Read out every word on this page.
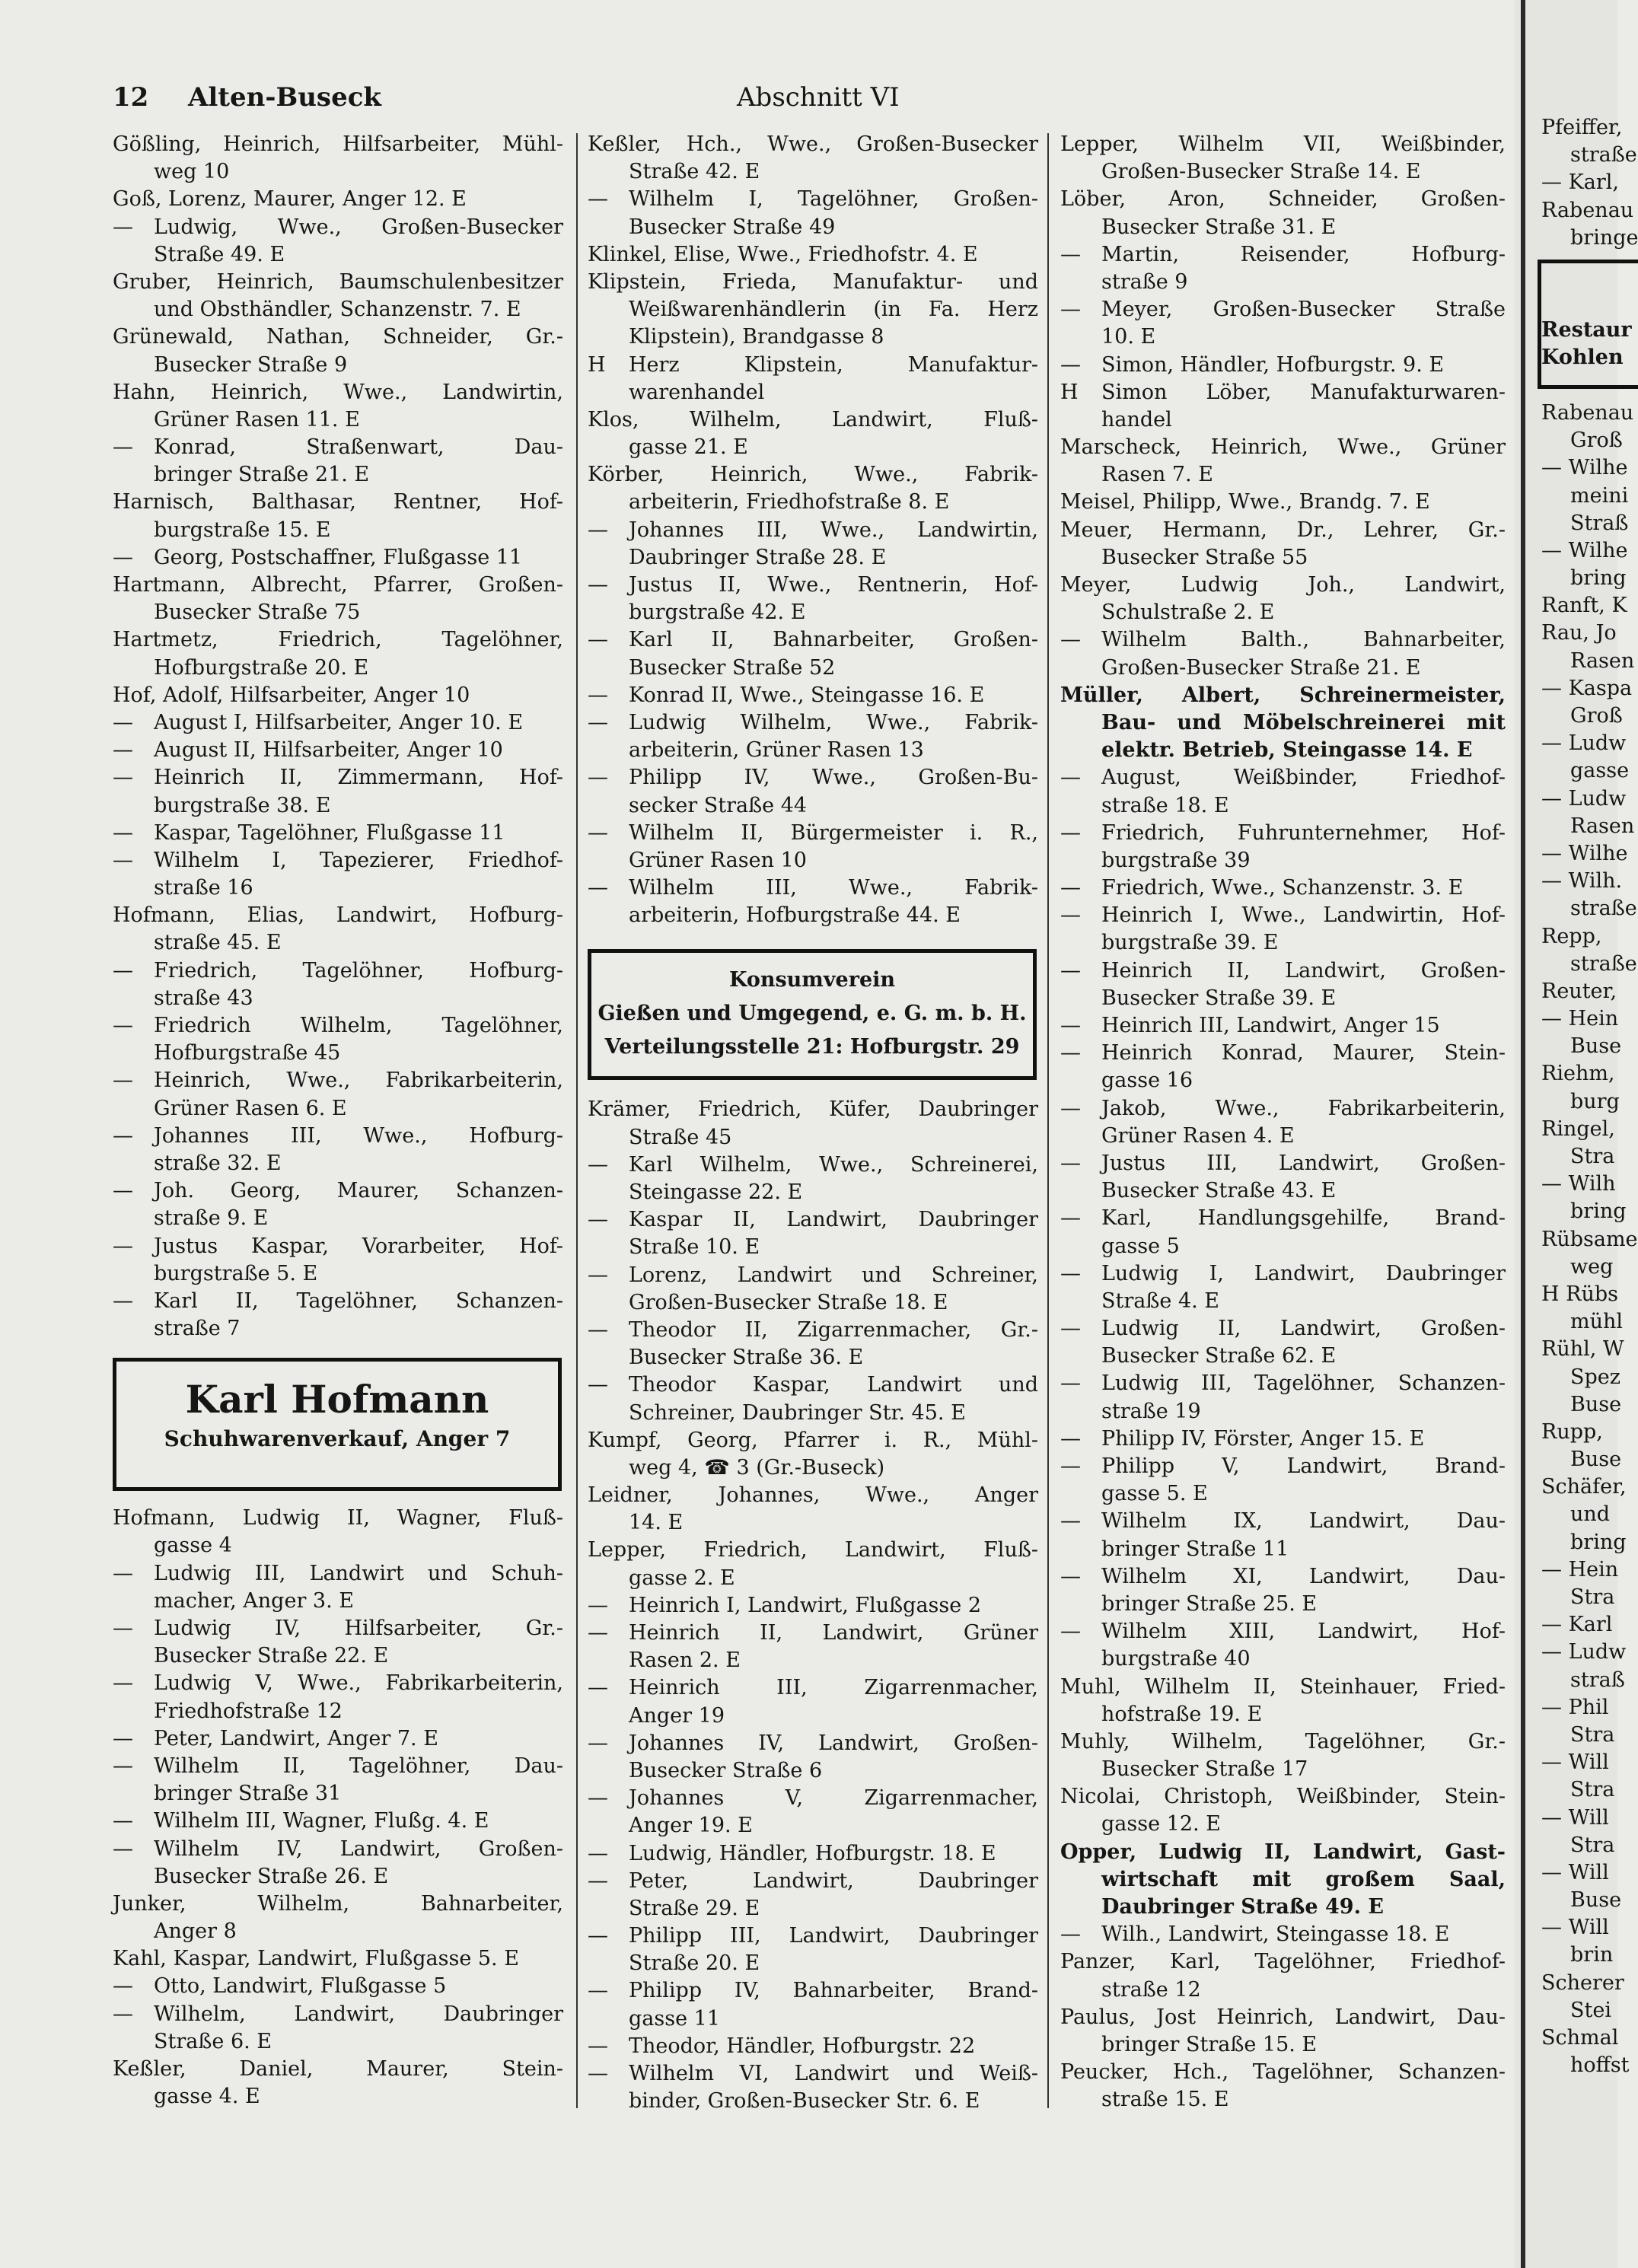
12 Alten-Buseck	Abschnitt VI
Gößling, Heinrich, Hilfsarbeiter, Mühl-
weg 10
Goß, Lorenz, Maurer, Anger 12. E
— Ludwig, Wwe., Großen-Busecker
Straße 49. E
Gruber, Heinrich, Baumschulenbesitzer
und Obsthändler, Schanzenstr. 7. E
Grünewald, Nathan, Schneider, Gr.-
Busecker Straße 9
Hahn, Heinrich, Wwe., Landwirtin,
Grüner Rasen 11. E
— Konrad, Straßenwart, Dau-
bringer Straße 21. E
Harnisch, Balthasar, Rentner, Hof-
burgstraße 15. E
— Georg, Postschaffner, Flußgasse 11
Hartmann, Albrecht, Pfarrer, Großen-
Busecker Straße 75
Hartmetz, Friedrich, Tagelöhner,
Hofburgstraße 20. E
Hof, Adolf, Hilfsarbeiter, Anger 10
— August I, Hilfsarbeiter, Anger 10. E
— August II, Hilfsarbeiter, Anger 10
— Heinrich II, Zimmermann, Hof-
burgstraße 38. E
— Kaspar, Tagelöhner, Flußgasse 11
— Wilhelm I, Tapezierer, Friedhof-
straße 16
Hofmann, Elias, Landwirt, Hofburg-
straße 45. E
— Friedrich, Tagelöhner, Hofburg-
straße 43
— Friedrich Wilhelm, Tagelöhner,
Hofburgstraße 45
— Heinrich, Wwe., Fabrikarbeiterin,
Grüner Rasen 6. E
— Johannes III, Wwe., Hofburg-
straße 32. E
— Joh. Georg, Maurer, Schanzen-
straße 9. E
— Justus Kaspar, Vorarbeiter, Hof-
burgstraße 5. E
— Karl II, Tagelöhner, Schanzen-
straße 7
Karl Hofmann
Schuhwarenverkauf, Anger 7
Hofmann, Ludwig II, Wagner, Fluß-
gasse 4
— Ludwig III, Landwirt und Schuh-
macher, Anger 3. E
— Ludwig IV, Hilfsarbeiter, Gr.-
Busecker Straße 22. E
— Ludwig V, Wwe., Fabrikarbeiterin,
Friedhofstraße 12
— Peter, Landwirt, Anger 7. E
— Wilhelm II, Tagelöhner, Dau-
bringer Straße 31
— Wilhelm III, Wagner, Flußg. 4. E
— Wilhelm IV, Landwirt, Großen-
Busecker Straße 26. E
Junker, Wilhelm, Bahnarbeiter,
Anger 8
Kahl, Kaspar, Landwirt, Flußgasse 5. E
— Otto, Landwirt, Flußgasse 5
— Wilhelm, Landwirt, Daubringer
Straße 6. E
Keßler, Daniel, Maurer, Stein-
gasse 4. E
Keßler, Hch., Wwe., Großen-Busecker
Straße 42. E
— Wilhelm I, Tagelöhner, Großen-
Busecker Straße 49
Klinkel, Elise, Wwe., Friedhofstr. 4. E
Klipstein, Frieda, Manufaktur- und
Weißwarenhändlerin (in Fa. Herz
Klipstein), Brandgasse 8
H Herz Klipstein, Manufaktur-
warenhandel
Klos, Wilhelm, Landwirt, Fluß-
gasse 21. E
Körber, Heinrich, Wwe., Fabrik-
arbeiterin, Friedhofstraße 8. E
— Johannes III, Wwe., Landwirtin,
Daubringer Straße 28. E
— Justus II, Wwe., Rentnerin, Hof-
burgstraße 42. E
— Karl II, Bahnarbeiter, Großen-
Busecker Straße 52
— Konrad II, Wwe., Steingasse 16. E
— Ludwig Wilhelm, Wwe., Fabrik-
arbeiterin, Grüner Rasen 13
— Philipp IV, Wwe., Großen-Bu-
secker Straße 44
— Wilhelm II, Bürgermeister i. R.,
Grüner Rasen 10
— Wilhelm III, Wwe., Fabrik-
arbeiterin, Hofburgstraße 44. E
Konsumverein
Gießen und Umgegend, e. G. m. b. H.
Verteilungsstelle 21: Hofburgstr. 29
Krämer, Friedrich, Küfer, Daubringer
Straße 45
— Karl Wilhelm, Wwe., Schreinerei,
Steingasse 22. E
— Kaspar II, Landwirt, Daubringer
Straße 10. E
— Lorenz, Landwirt und Schreiner,
Großen-Busecker Straße 18. E
— Theodor II, Zigarrenmacher, Gr.-
Busecker Straße 36. E
— Theodor Kaspar, Landwirt und
Schreiner, Daubringer Str. 45. E
Kumpf, Georg, Pfarrer i. R., Mühl-
weg 4, ☎ 3 (Gr.-Buseck)
Leidner, Johannes, Wwe., Anger
14. E
Lepper, Friedrich, Landwirt, Fluß-
gasse 2. E
— Heinrich I, Landwirt, Flußgasse 2
— Heinrich II, Landwirt, Grüner
Rasen 2. E
— Heinrich III, Zigarrenmacher,
Anger 19
— Johannes IV, Landwirt, Großen-
Busecker Straße 6
— Johannes V, Zigarrenmacher,
Anger 19. E
— Ludwig, Händler, Hofburgstr. 18. E
— Peter, Landwirt, Daubringer
Straße 29. E
— Philipp III, Landwirt, Daubringer
Straße 20. E
— Philipp IV, Bahnarbeiter, Brand-
gasse 11
— Theodor, Händler, Hofburgstr. 22
— Wilhelm VI, Landwirt und Weiß-
binder, Großen-Busecker Str. 6. E
Lepper, Wilhelm VII, Weißbinder,
Großen-Busecker Straße 14. E
Löber, Aron, Schneider, Großen-
Busecker Straße 31. E
— Martin, Reisender, Hofburg-
straße 9
— Meyer, Großen-Busecker Straße
10. E
— Simon, Händler, Hofburgstr. 9. E
H Simon Löber, Manufakturwaren-
handel
Marscheck, Heinrich, Wwe., Grüner
Rasen 7. E
Meisel, Philipp, Wwe., Brandg. 7. E
Meuer, Hermann, Dr., Lehrer, Gr.-
Busecker Straße 55
Meyer, Ludwig Joh., Landwirt,
Schulstraße 2. E
— Wilhelm Balth., Bahnarbeiter,
Großen-Busecker Straße 21. E
Müller, Albert, Schreinermeister,
Bau- und Möbelschreinerei mit
elektr. Betrieb, Steingasse 14. E
— August, Weißbinder, Friedhof-
straße 18. E
— Friedrich, Fuhrunternehmer, Hof-
burgstraße 39
— Friedrich, Wwe., Schanzenstr. 3. E
— Heinrich I, Wwe., Landwirtin, Hof-
burgstraße 39. E
— Heinrich II, Landwirt, Großen-
Busecker Straße 39. E
— Heinrich III, Landwirt, Anger 15
— Heinrich Konrad, Maurer, Stein-
gasse 16
— Jakob, Wwe., Fabrikarbeiterin,
Grüner Rasen 4. E
— Justus III, Landwirt, Großen-
Busecker Straße 43. E
— Karl, Handlungsgehilfe, Brand-
gasse 5
— Ludwig I, Landwirt, Daubringer
Straße 4. E
— Ludwig II, Landwirt, Großen-
Busecker Straße 62. E
— Ludwig III, Tagelöhner, Schanzen-
straße 19
— Philipp IV, Förster, Anger 15. E
— Philipp V, Landwirt, Brand-
gasse 5. E
— Wilhelm IX, Landwirt, Dau-
bringer Straße 11
— Wilhelm XI, Landwirt, Dau-
bringer Straße 25. E
— Wilhelm XIII, Landwirt, Hof-
burgstraße 40
Muhl, Wilhelm II, Steinhauer, Fried-
hofstraße 19. E
Muhly, Wilhelm, Tagelöhner, Gr.-
Busecker Straße 17
Nicolai, Christoph, Weißbinder, Stein-
gasse 12. E
Opper, Ludwig II, Landwirt, Gast-
wirtschaft mit großem Saal,
Daubringer Straße 49. E
— Wilh., Landwirt, Steingasse 18. E
Panzer, Karl, Tagelöhner, Friedhof-
straße 12
Paulus, Jost Heinrich, Landwirt, Dau-
bringer Straße 15. E
Peucker, Hch., Tagelöhner, Schanzen-
straße 15. E
Pfeiffer,
straße
— Karl,
Rabenau
bringe
Restaur
Kohlen
Rabenau
Groß
— Wilhe
meini
Straß
— Wilhe
bring
Ranft, K
Rau, Jo
Rasen
— Kaspa
Groß
— Ludw
gasse
— Ludw
Rasen
— Wilhe
— Wilh.
straße
Repp,
straße
Reuter,
— Hein
Buse
Riehm,
burg
Ringel,
Stra
— Wilh
bring
Rübsame
weg
H Rübs
mühl
Rühl, W
Spez
Buse
Rupp,
Buse
Schäfer,
und
bring
— Hein
Stra
— Karl
— Ludw
straß
— Phil
Stra
— Will
Stra
— Will
Stra
— Will
Buse
— Will
brin
Scherer
Stei
Schmal
hoffst
